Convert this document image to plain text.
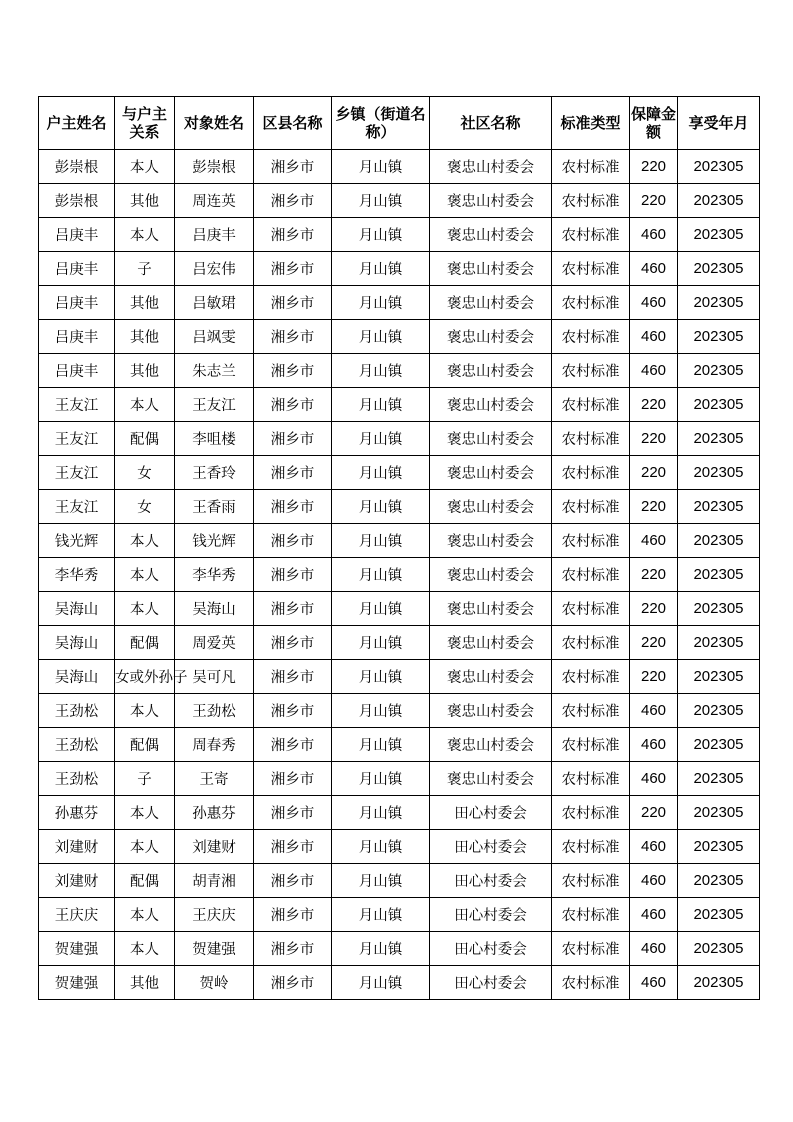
户主姓名	与户主关系	对象姓名	区县名称	乡镇（街道名称）	社区名称	标准类型	保障金额	享受年月
彭崇根	本人	彭崇根	湘乡市	月山镇	褒忠山村委会	农村标准	220	202305
彭崇根	其他	周连英	湘乡市	月山镇	褒忠山村委会	农村标准	220	202305
吕庚丰	本人	吕庚丰	湘乡市	月山镇	褒忠山村委会	农村标准	460	202305
吕庚丰	子	吕宏伟	湘乡市	月山镇	褒忠山村委会	农村标准	460	202305
吕庚丰	其他	吕敏珺	湘乡市	月山镇	褒忠山村委会	农村标准	460	202305
吕庚丰	其他	吕飒雯	湘乡市	月山镇	褒忠山村委会	农村标准	460	202305
吕庚丰	其他	朱志兰	湘乡市	月山镇	褒忠山村委会	农村标准	460	202305
王友江	本人	王友江	湘乡市	月山镇	褒忠山村委会	农村标准	220	202305
王友江	配偶	李咀楼	湘乡市	月山镇	褒忠山村委会	农村标准	220	202305
王友江	女	王香玲	湘乡市	月山镇	褒忠山村委会	农村标准	220	202305
王友江	女	王香雨	湘乡市	月山镇	褒忠山村委会	农村标准	220	202305
钱光辉	本人	钱光辉	湘乡市	月山镇	褒忠山村委会	农村标准	460	202305
李华秀	本人	李华秀	湘乡市	月山镇	褒忠山村委会	农村标准	220	202305
吴海山	本人	吴海山	湘乡市	月山镇	褒忠山村委会	农村标准	220	202305
吴海山	配偶	周爱英	湘乡市	月山镇	褒忠山村委会	农村标准	220	202305
吴海山	女或外孙子	吴可凡	湘乡市	月山镇	褒忠山村委会	农村标准	220	202305
王劲松	本人	王劲松	湘乡市	月山镇	褒忠山村委会	农村标准	460	202305
王劲松	配偶	周春秀	湘乡市	月山镇	褒忠山村委会	农村标准	460	202305
王劲松	子	王寄	湘乡市	月山镇	褒忠山村委会	农村标准	460	202305
孙惠芬	本人	孙惠芬	湘乡市	月山镇	田心村委会	农村标准	220	202305
刘建财	本人	刘建财	湘乡市	月山镇	田心村委会	农村标准	460	202305
刘建财	配偶	胡青湘	湘乡市	月山镇	田心村委会	农村标准	460	202305
王庆庆	本人	王庆庆	湘乡市	月山镇	田心村委会	农村标准	460	202305
贺建强	本人	贺建强	湘乡市	月山镇	田心村委会	农村标准	460	202305
贺建强	其他	贺岭	湘乡市	月山镇	田心村委会	农村标准	460	202305
